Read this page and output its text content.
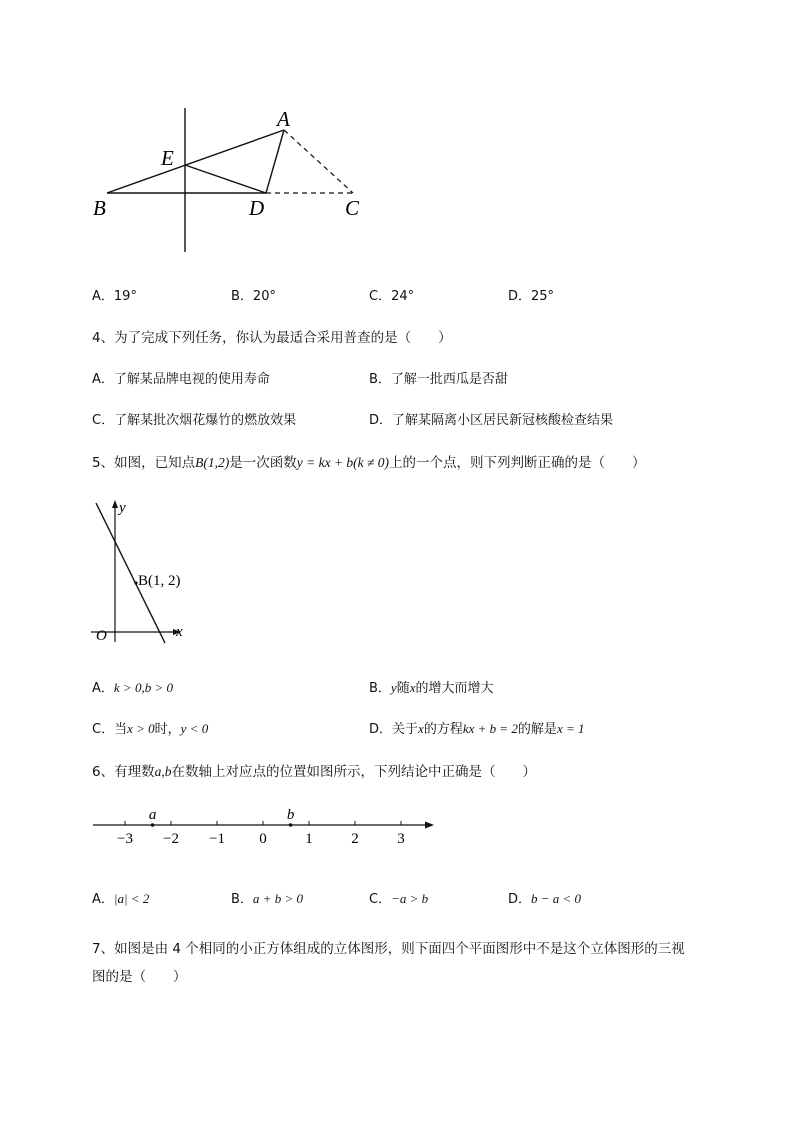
A
E
B	D	C
A．19°	B．20°	C．24°	D．25°
4、为了完成下列任务，你认为最适合采用普查的是（　　）
A．了解某品牌电视的使用寿命	B．了解一批西瓜是否甜
C．了解某批次烟花爆竹的燃放效果	D．了解某隔离小区居民新冠核酸检查结果
5、如图，已知点B(1,2)是一次函数y = kx + b(k ≠ 0)上的一个点，则下列判断正确的是（　　）
y
x
O
B(1, 2)
A．k > 0,b > 0	B．y随x的增大而增大
C．当x > 0时，y < 0	D．关于x的方程kx + b = 2的解是x = 1
6、有理数a,b在数轴上对应点的位置如图所示，下列结论中正确是（　　）
−3 −2 −1 0	1	2	3
a	b
A．|a| < 2	B．a + b > 0	C．−a > b	D．b − a < 0
7、如图是由 4 个相同的小正方体组成的立体图形，则下面四个平面图形中不是这个立体图形的三视
图的是（　　）
